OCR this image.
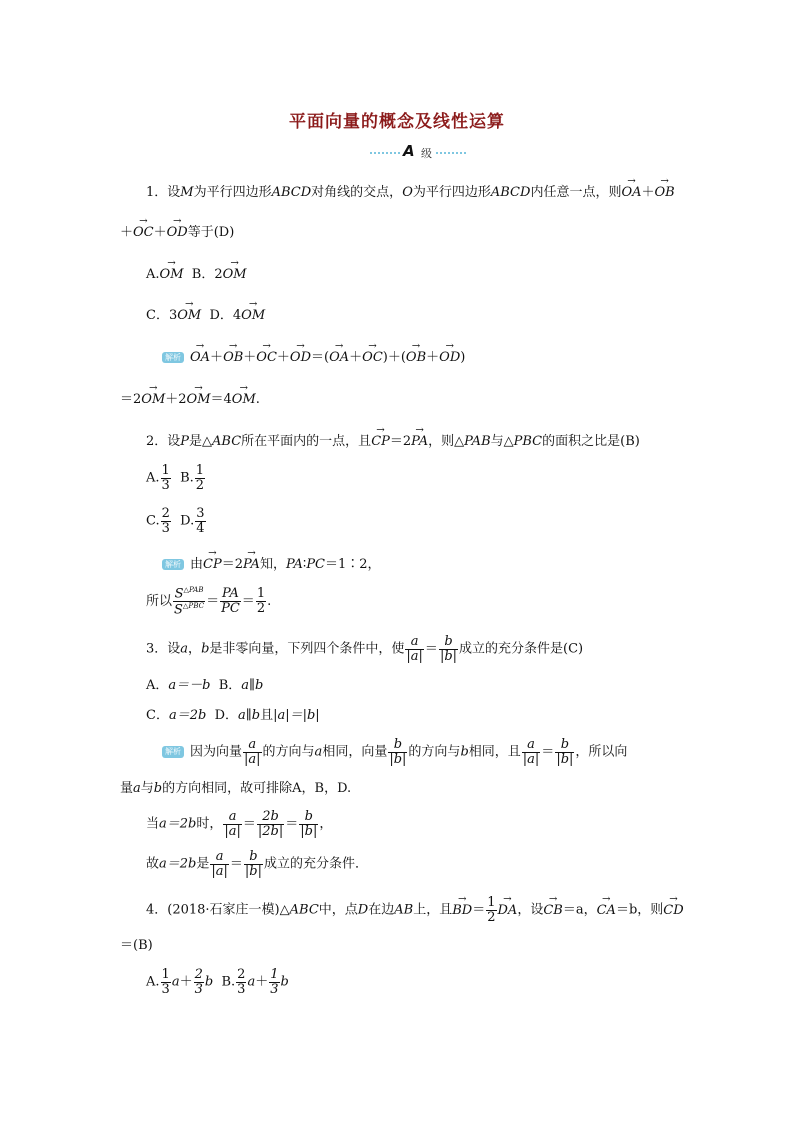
平面向量的概念及线性运算
A 级
1．设M为平行四边形ABCD对角线的交点，O为平行四边形ABCD内任意一点，则→ OA＋→ OB
＋→ OC＋→ OD等于(D)
A.→ OM B．2→ OM
C．3→ OM D．4→ OM
解析 → OA＋→ OB＋→ OC＋→ OD＝(→ OA＋→ OC)＋(→ OB＋→ OD)
＝2→ OM＋2→ OM＝4→ OM.
2．设P是△ABC所在平面内的一点，且→ CP＝2→ PA，则△PAB与△PBC的面积之比是(B)
A. $\frac{1}{3} B$. $\frac{1}{2}$
C. $\frac{2}{3} D$. $\frac{3}{4}$
解析 由→ CP＝2→ PA知，PA∶PC＝1∶2，
所以 $\frac{S^{\triangle PAB}}{S^{\triangle PBC}} = \frac{PA}{PC} = \frac{1}{2}$ .
3．设a，b是非零向量，下列四个条件中，使 $\frac{a}{|a|} = \frac{b}{|b|}$ 成立的充分条件是(C)
A．a＝－b B．a∥b
C．a＝2b D．a∥b且|a|＝|b|
解析 因为向量 $\frac{a}{|a|}$ 的方向与a相同，向量 $\frac{b}{|b|}$ 的方向与b相同，且 $\frac{a}{|a|} = \frac{b}{|b|}$ ，所以向
量a与b的方向相同，故可排除A，B，D.
当a＝2b时， $\frac{a}{|a|} = \frac{2b}{|2b|} = \frac{b}{|b|}$ ，
故a＝2b是 $\frac{a}{|a|} = \frac{b}{|b|}$ 成立的充分条件．
4．(2018·石家庄一模)△ABC中，点D在边AB上，且→ $BD= \frac{1}{2}$ → DA，设→ CB＝a，→ CA＝b，则→ CD
＝(B)
A. $\frac{1}{3} a+ \frac{2}{3}$ b B. $\frac{2}{3} a+ \frac{1}{3}$ b
